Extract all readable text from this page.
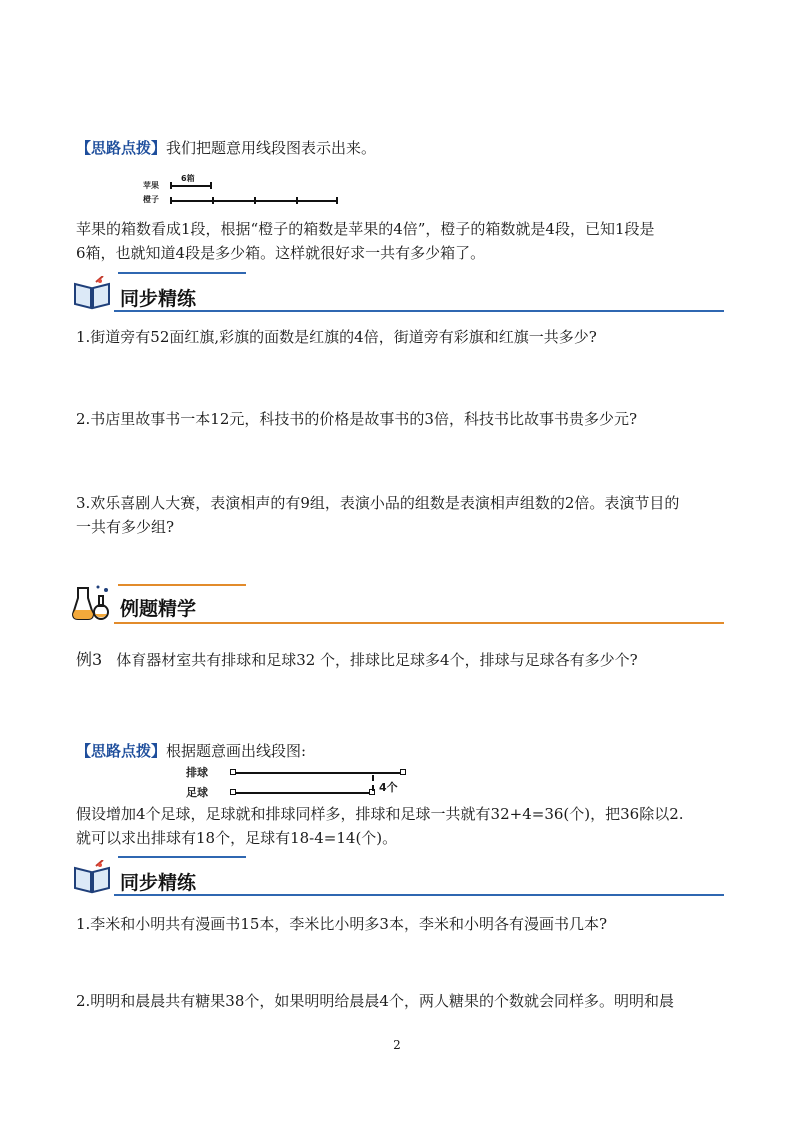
【思路点拨】我们把题意用线段图表示出来。
苹果
橙子
6箱
苹果的箱数看成1段，根据“橙子的箱数是苹果的4倍”，橙子的箱数就是4段，已知1段是
6箱，也就知道4段是多少箱。这样就很好求一共有多少箱了。
同步精练
1.街道旁有52面红旗,彩旗的面数是红旗的4倍，街道旁有彩旗和红旗一共多少?
2.书店里故事书一本12元，科技书的价格是故事书的3倍，科技书比故事书贵多少元?
3.欢乐喜剧人大赛，表演相声的有9组，表演小品的组数是表演相声组数的2倍。表演节目的
一共有多少组?
例题精学
例3 体育器材室共有排球和足球32 个，排球比足球多4个，排球与足球各有多少个?
【思路点拨】根据题意画出线段图:
排球
足球	4个
假设增加4个足球，足球就和排球同样多，排球和足球一共就有32+4=36(个)，把36除以2.
就可以求出排球有18个，足球有18-4=14(个)。
同步精练
1.李米和小明共有漫画书15本，李米比小明多3本，李米和小明各有漫画书几本?
2.明明和晨晨共有糖果38个，如果明明给晨晨4个，两人糖果的个数就会同样多。明明和晨
2
